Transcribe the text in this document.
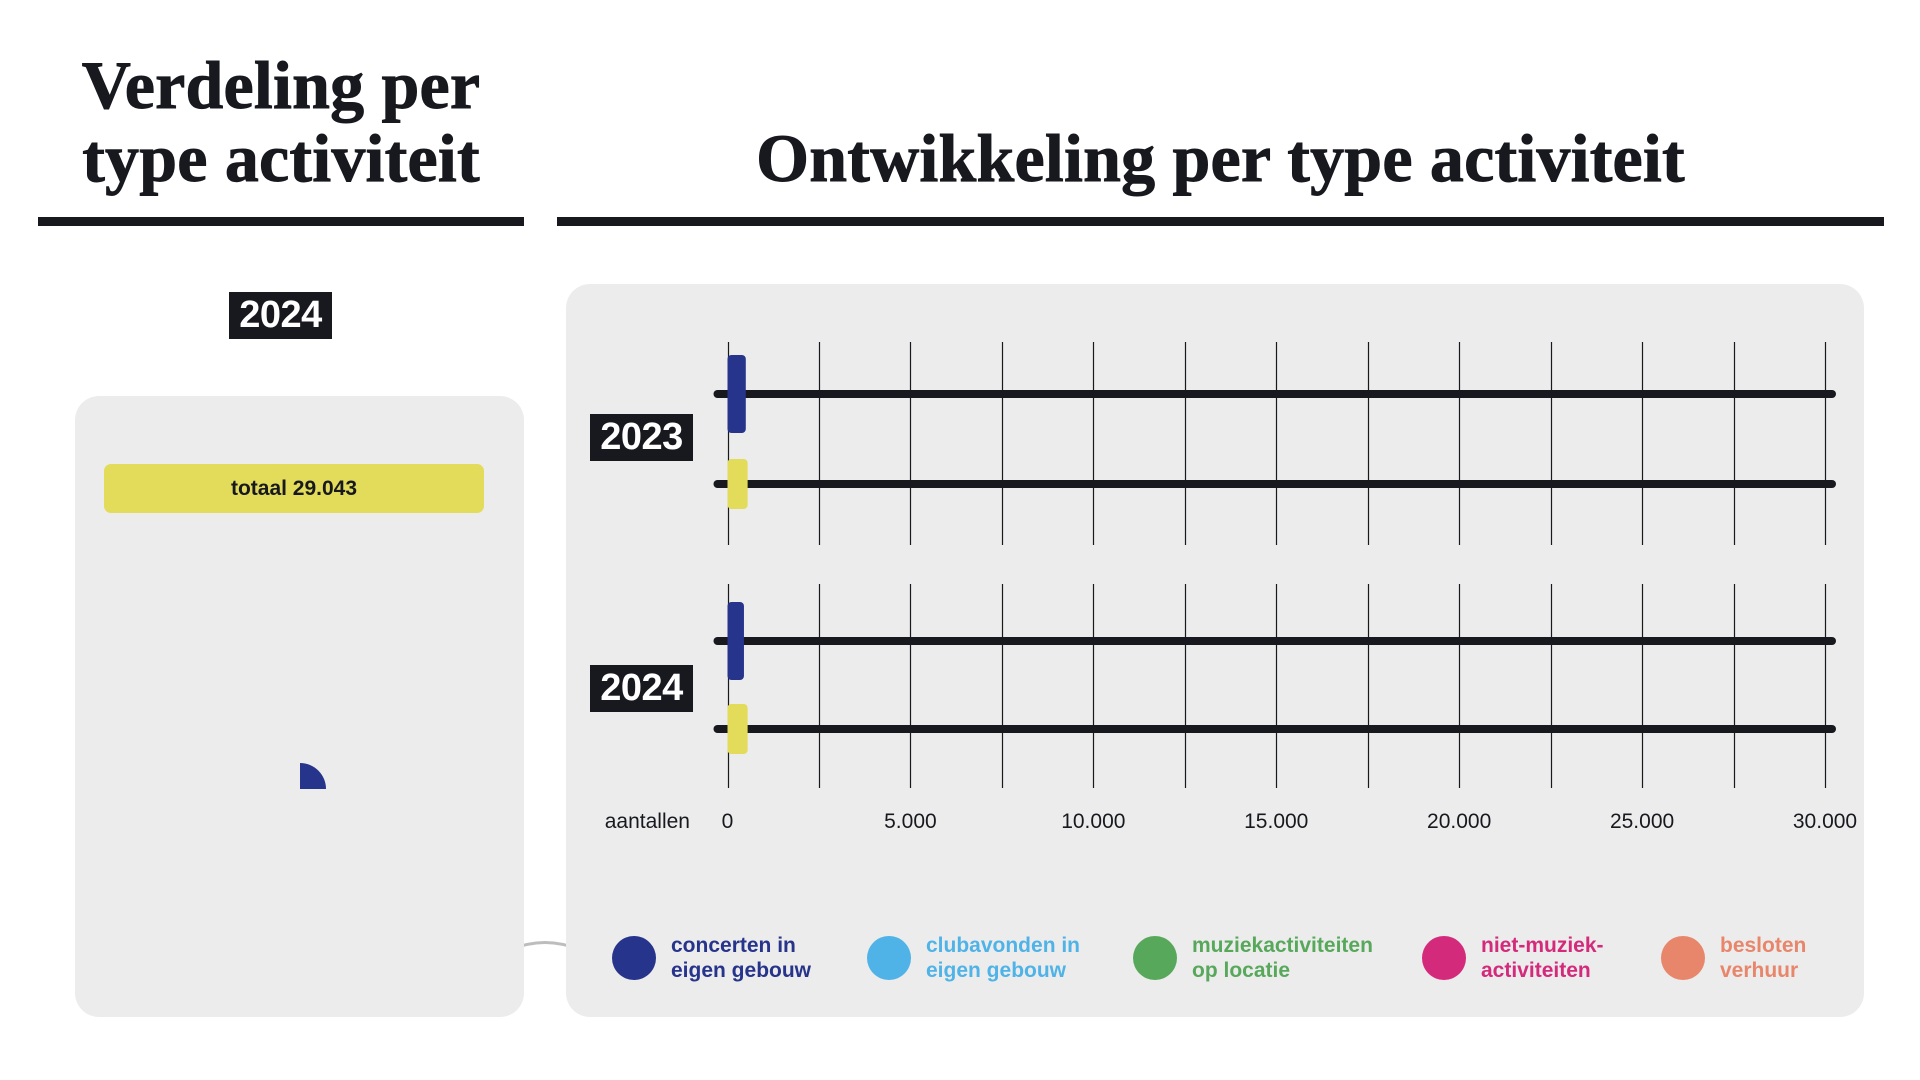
Verdeling per type activiteit	Ontwikkeling per type activiteit
2024
totaal 29.043
0	5.000	10.000	15.000	20.000	25.000	30.000
aantallen
2023
2024
concerten in eigen gebouw
clubavonden in eigen gebouw
muziekactiviteiten op locatie
niet-muziek-activiteiten
besloten verhuur
